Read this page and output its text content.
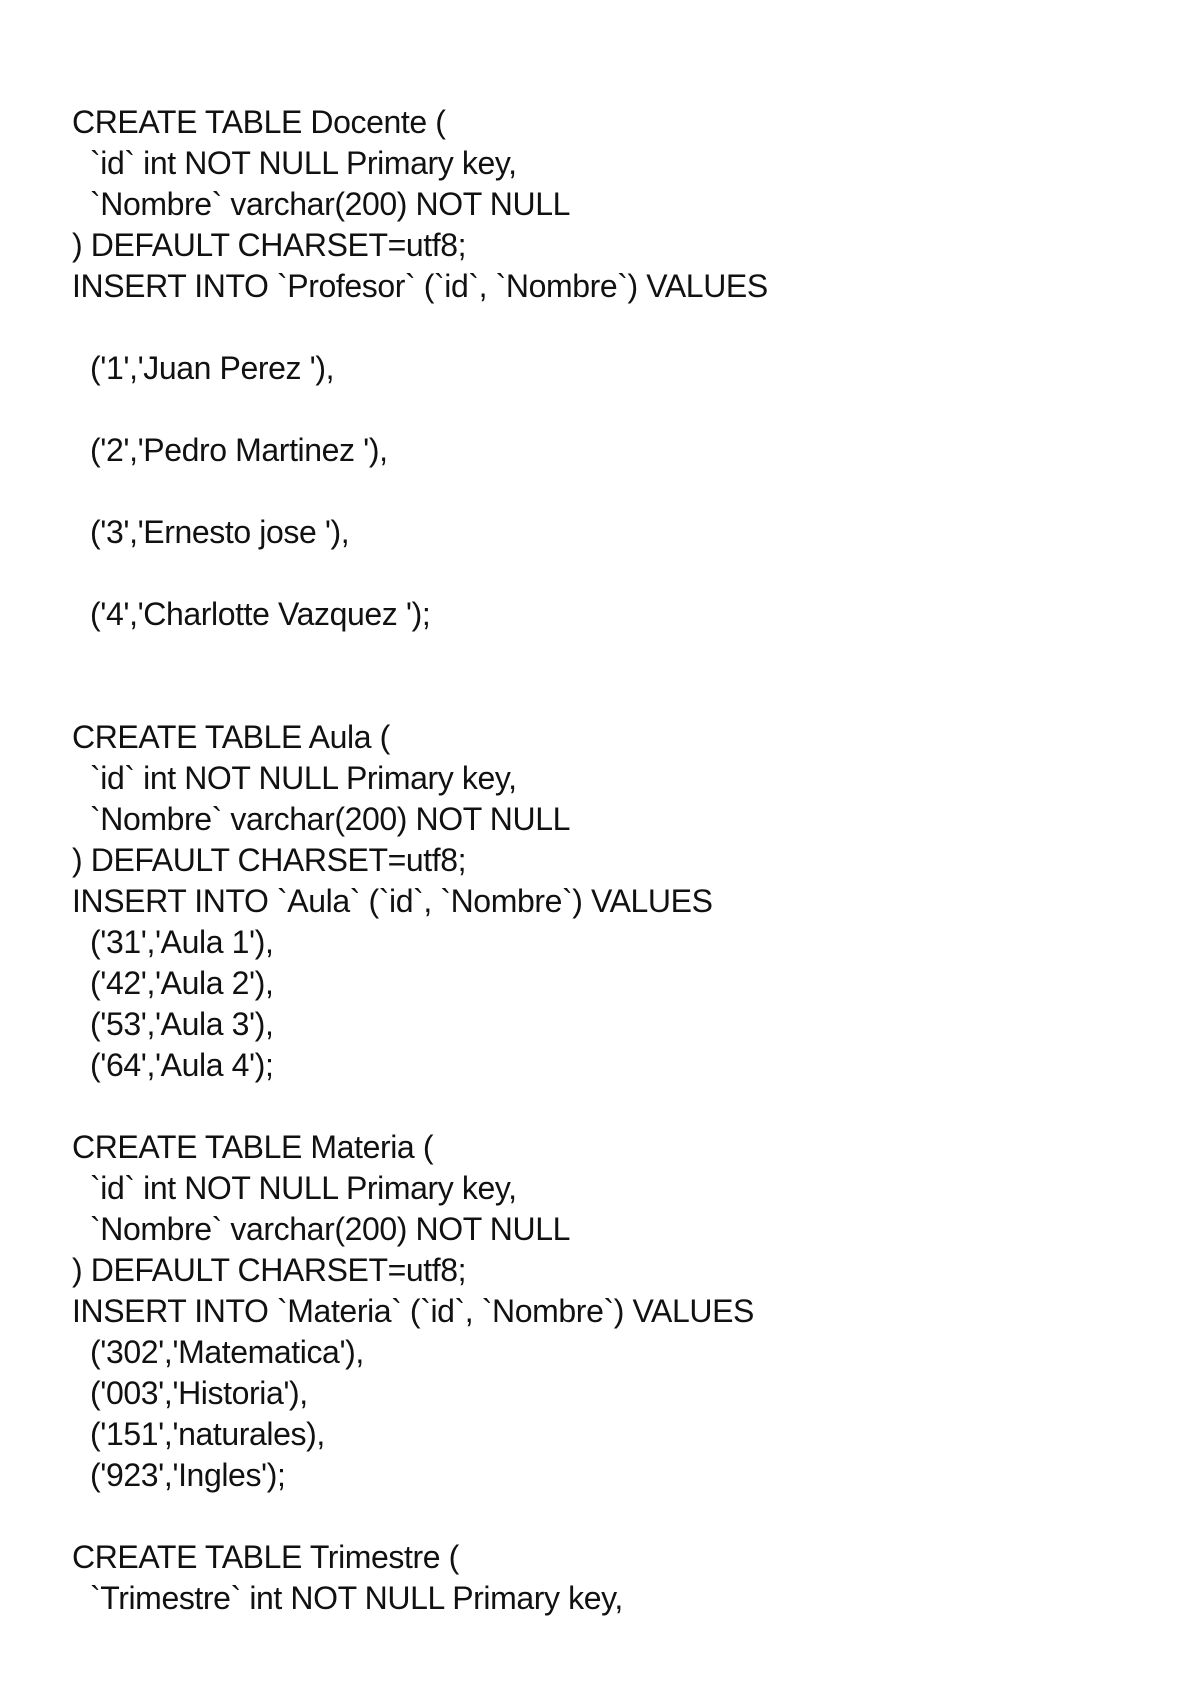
CREATE TABLE Docente (
`id` int NOT NULL Primary key,
`Nombre` varchar(200) NOT NULL
) DEFAULT CHARSET=utf8;
INSERT INTO `Profesor` (`id`, `Nombre`) VALUES
('1','Juan Perez '),
('2','Pedro Martinez '),
('3','Ernesto jose '),
('4','Charlotte Vazquez ');
CREATE TABLE Aula (
`id` int NOT NULL Primary key,
`Nombre` varchar(200) NOT NULL
) DEFAULT CHARSET=utf8;
INSERT INTO `Aula` (`id`, `Nombre`) VALUES
('31','Aula 1'),
('42','Aula 2'),
('53','Aula 3'),
('64','Aula 4');
CREATE TABLE Materia (
`id` int NOT NULL Primary key,
`Nombre` varchar(200) NOT NULL
) DEFAULT CHARSET=utf8;
INSERT INTO `Materia` (`id`, `Nombre`) VALUES
('302','Matematica'),
('003','Historia'),
('151','naturales),
('923','Ingles');
CREATE TABLE Trimestre (
`Trimestre` int NOT NULL Primary key,
